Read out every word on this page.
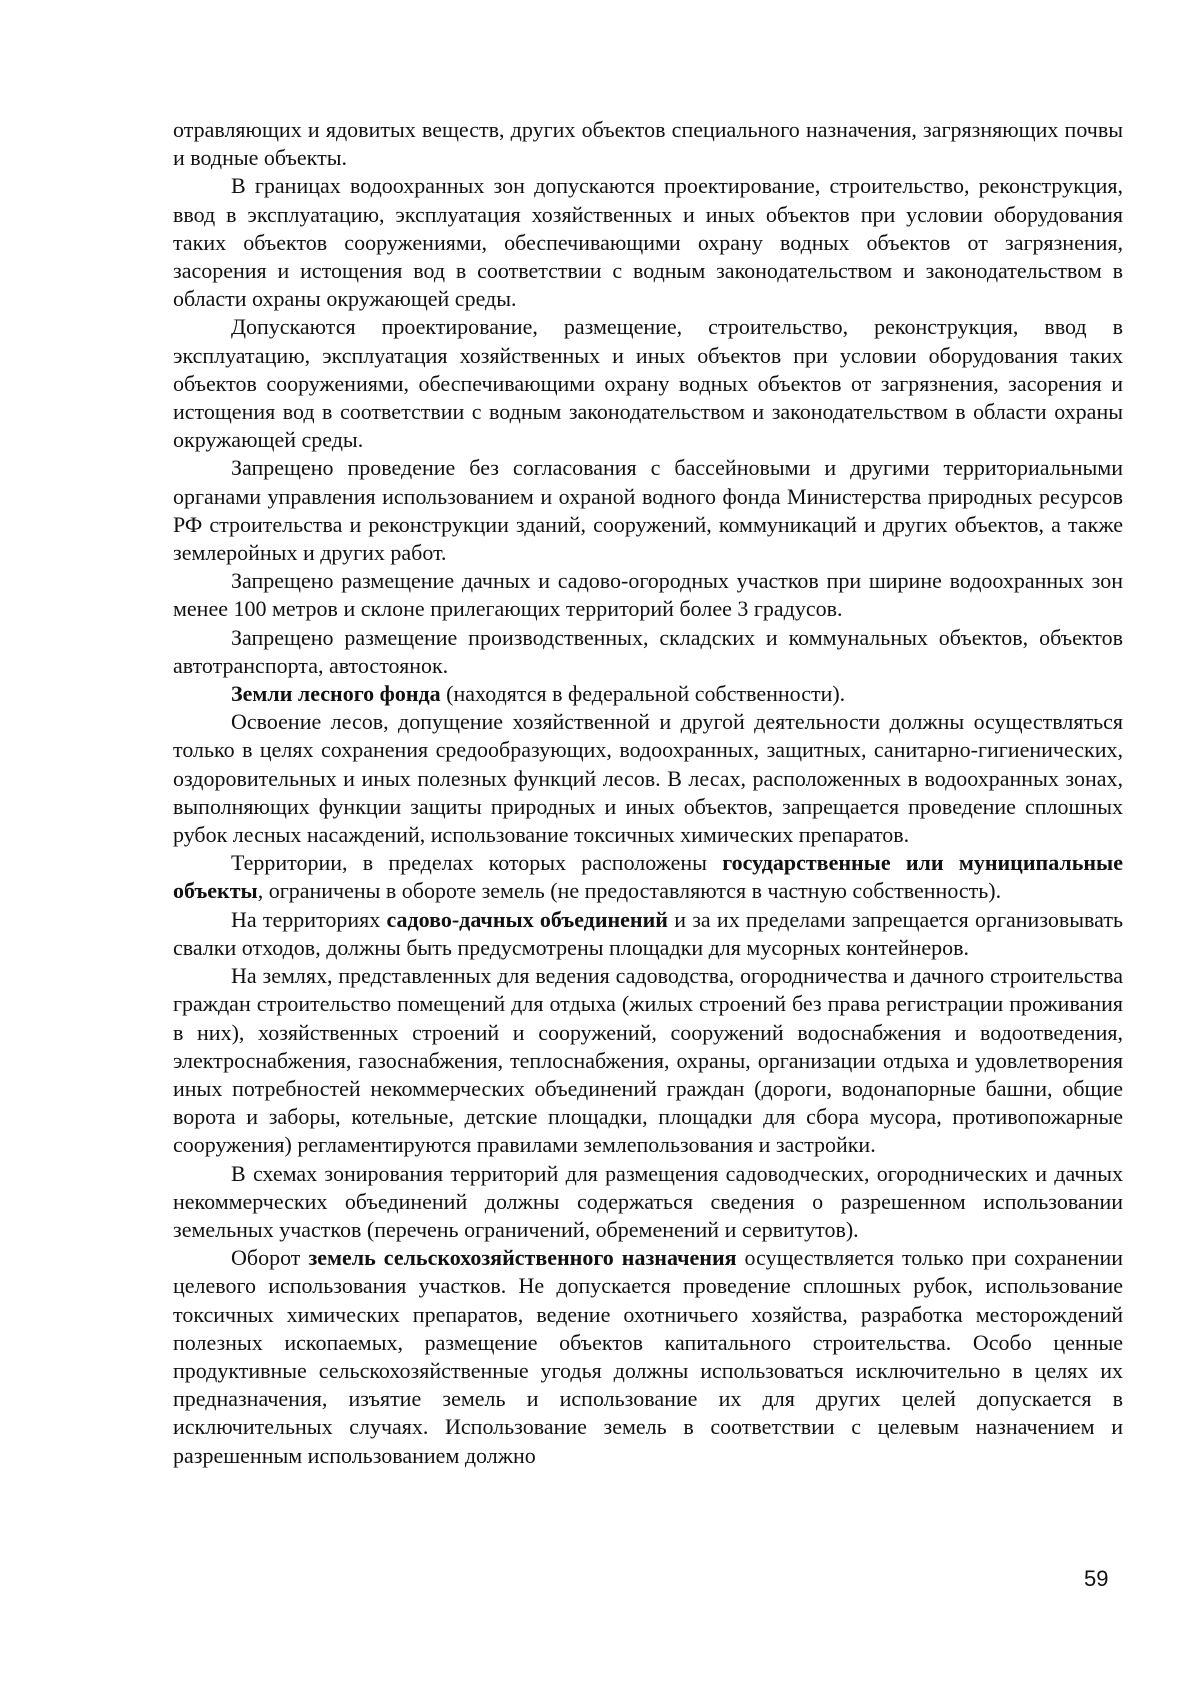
отравляющих и ядовитых веществ, других объектов специального назначения, загрязняющих почвы и водные объекты.

В границах водоохранных зон допускаются проектирование, строительство, реконструкция, ввод в эксплуатацию, эксплуатация хозяйственных и иных объектов при условии оборудования таких объектов сооружениями, обеспечивающими охрану водных объектов от загрязнения, засорения и истощения вод в соответствии с водным законодательством и законодательством в области охраны окружающей среды.

Допускаются проектирование, размещение, строительство, реконструкция, ввод в эксплуатацию, эксплуатация хозяйственных и иных объектов при условии оборудования таких объектов сооружениями, обеспечивающими охрану водных объектов от загрязнения, засорения и истощения вод в соответствии с водным законодательством и законодательством в области охраны окружающей среды.

Запрещено проведение без согласования с бассейновыми и другими территориальными органами управления использованием и охраной водного фонда Министерства природных ресурсов РФ строительства и реконструкции зданий, сооружений, коммуникаций и других объектов, а также землеройных и других работ.

Запрещено размещение дачных и садово-огородных участков при ширине водоохранных зон менее 100 метров и склоне прилегающих территорий более 3 градусов.

Запрещено размещение производственных, складских и коммунальных объектов, объектов автотранспорта, автостоянок.

Земли лесного фонда (находятся в федеральной собственности).

Освоение лесов, допущение хозяйственной и другой деятельности должны осуществляться только в целях сохранения средообразующих, водоохранных, защитных, санитарно-гигиенических, оздоровительных и иных полезных функций лесов. В лесах, расположенных в водоохранных зонах, выполняющих функции защиты природных и иных объектов, запрещается проведение сплошных рубок лесных насаждений, использование токсичных химических препаратов.

Территории, в пределах которых расположены государственные или муниципальные объекты, ограничены в обороте земель (не предоставляются в частную собственность).

На территориях садово-дачных объединений и за их пределами запрещается организовывать свалки отходов, должны быть предусмотрены площадки для мусорных контейнеров.

На землях, представленных для ведения садоводства, огородничества и дачного строительства граждан строительство помещений для отдыха (жилых строений без права регистрации проживания в них), хозяйственных строений и сооружений, сооружений водоснабжения и водоотведения, электроснабжения, газоснабжения, теплоснабжения, охраны, организации отдыха и удовлетворения иных потребностей некоммерческих объединений граждан (дороги, водонапорные башни, общие ворота и заборы, котельные, детские площадки, площадки для сбора мусора, противопожарные сооружения) регламентируются правилами землепользования и застройки.

В схемах зонирования территорий для размещения садоводческих, огороднических и дачных некоммерческих объединений должны содержаться сведения о разрешенном использовании земельных участков (перечень ограничений, обременений и сервитутов).

Оборот земель сельскохозяйственного назначения осуществляется только при сохранении целевого использования участков. Не допускается проведение сплошных рубок, использование токсичных химических препаратов, ведение охотничьего хозяйства, разработка месторождений полезных ископаемых, размещение объектов капитального строительства. Особо ценные продуктивные сельскохозяйственные угодья должны использоваться исключительно в целях их предназначения, изъятие земель и использование их для других целей допускается в исключительных случаях. Использование земель в соответствии с целевым назначением и разрешенным использованием должно

59
